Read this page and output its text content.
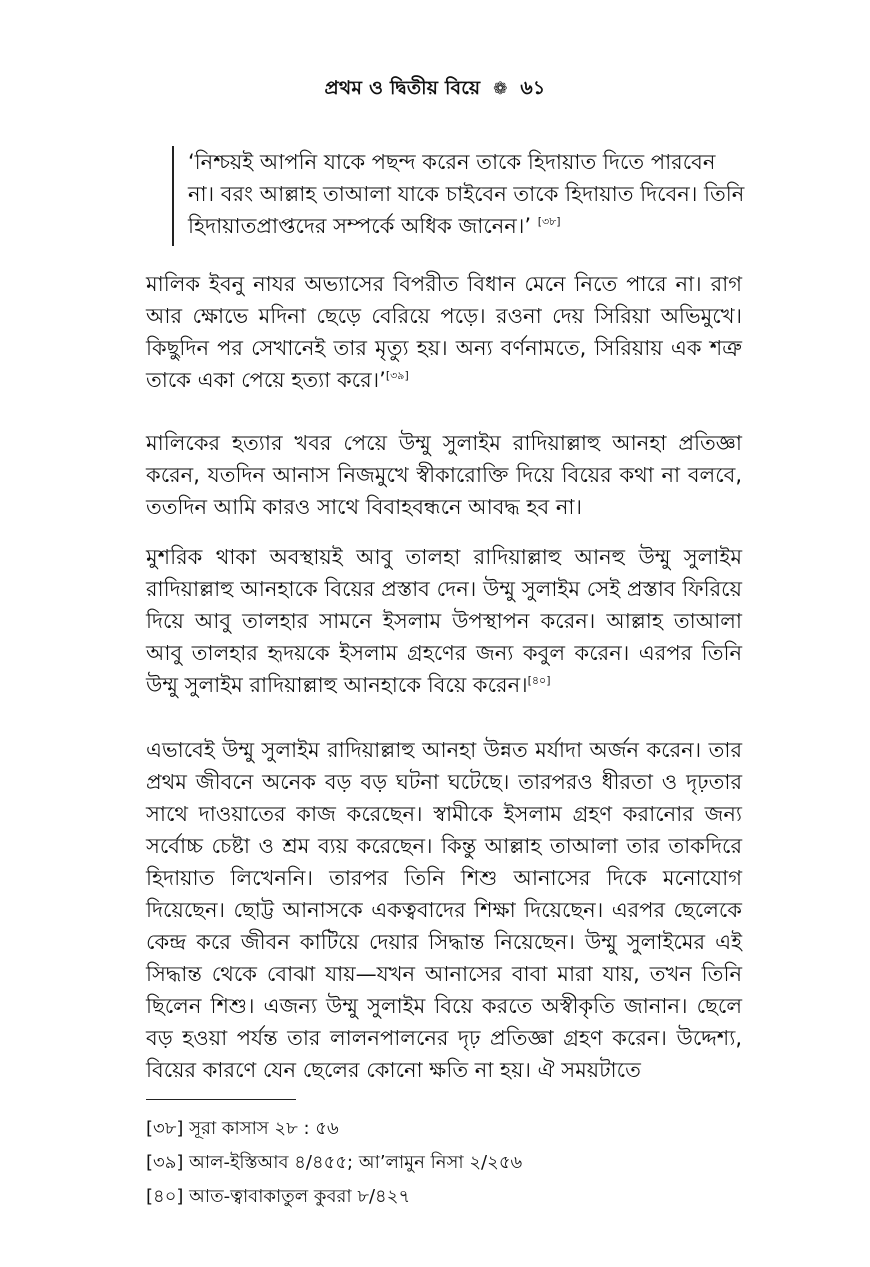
প্রথম ও দ্বিতীয় বিয়ে ❁ ৬১

‘নিশ্চয়ই আপনি যাকে পছন্দ করেন তাকে হিদায়াত দিতে পারবেন না। বরং আল্লাহ তাআলা যাকে চাইবেন তাকে হিদায়াত দিবেন। তিনি হিদায়াতপ্রাপ্তদের সম্পর্কে অধিক জানেন।’ [৩৮]

মালিক ইবনু নাযর অভ্যাসের বিপরীত বিধান মেনে নিতে পারে না। রাগ আর ক্ষোভে মদিনা ছেড়ে বেরিয়ে পড়ে। রওনা দেয় সিরিয়া অভিমুখে। কিছুদিন পর সেখানেই তার মৃত্যু হয়। অন্য বর্ণনামতে, সিরিয়ায় এক শত্রু তাকে একা পেয়ে হত্যা করে।’[৩৯]

মালিকের হত্যার খবর পেয়ে উম্মু সুলাইম রাদিয়াল্লাহু আনহা প্রতিজ্ঞা করেন, যতদিন আনাস নিজমুখে স্বীকারোক্তি দিয়ে বিয়ের কথা না বলবে, ততদিন আমি কারও সাথে বিবাহবন্ধনে আবদ্ধ হব না।

মুশরিক থাকা অবস্থায়ই আবু তালহা রাদিয়াল্লাহু আনহু উম্মু সুলাইম রাদিয়াল্লাহু আনহাকে বিয়ের প্রস্তাব দেন। উম্মু সুলাইম সেই প্রস্তাব ফিরিয়ে দিয়ে আবু তালহার সামনে ইসলাম উপস্থাপন করেন। আল্লাহ তাআলা আবু তালহার হৃদয়কে ইসলাম গ্রহণের জন্য কবুল করেন। এরপর তিনি উম্মু সুলাইম রাদিয়াল্লাহু আনহাকে বিয়ে করেন।[৪০]

এভাবেই উম্মু সুলাইম রাদিয়াল্লাহু আনহা উন্নত মর্যাদা অর্জন করেন। তার প্রথম জীবনে অনেক বড় বড় ঘটনা ঘটেছে। তারপরও ধীরতা ও দৃঢ়তার সাথে দাওয়াতের কাজ করেছেন। স্বামীকে ইসলাম গ্রহণ করানোর জন্য সর্বোচ্চ চেষ্টা ও শ্রম ব্যয় করেছেন। কিন্তু আল্লাহ তাআলা তার তাকদিরে হিদায়াত লিখেননি। তারপর তিনি শিশু আনাসের দিকে মনোযোগ দিয়েছেন। ছোট্ট আনাসকে একত্ববাদের শিক্ষা দিয়েছেন। এরপর ছেলেকে কেন্দ্র করে জীবন কাটিয়ে দেয়ার সিদ্ধান্ত নিয়েছেন। উম্মু সুলাইমের এই সিদ্ধান্ত থেকে বোঝা যায়—যখন আনাসের বাবা মারা যায়, তখন তিনি ছিলেন শিশু। এজন্য উম্মু সুলাইম বিয়ে করতে অস্বীকৃতি জানান। ছেলে বড় হওয়া পর্যন্ত তার লালনপালনের দৃঢ় প্রতিজ্ঞা গ্রহণ করেন। উদ্দেশ্য, বিয়ের কারণে যেন ছেলের কোনো ক্ষতি না হয়। ঐ সময়টাতে

[৩৮] সূরা কাসাস ২৮ : ৫৬
[৩৯] আল-ইস্তিআব ৪/৪৫৫; আ’লামুন নিসা ২/২৫৬
[৪০] আত-ত্বাবাকাতুল কুবরা ৮/৪২৭
